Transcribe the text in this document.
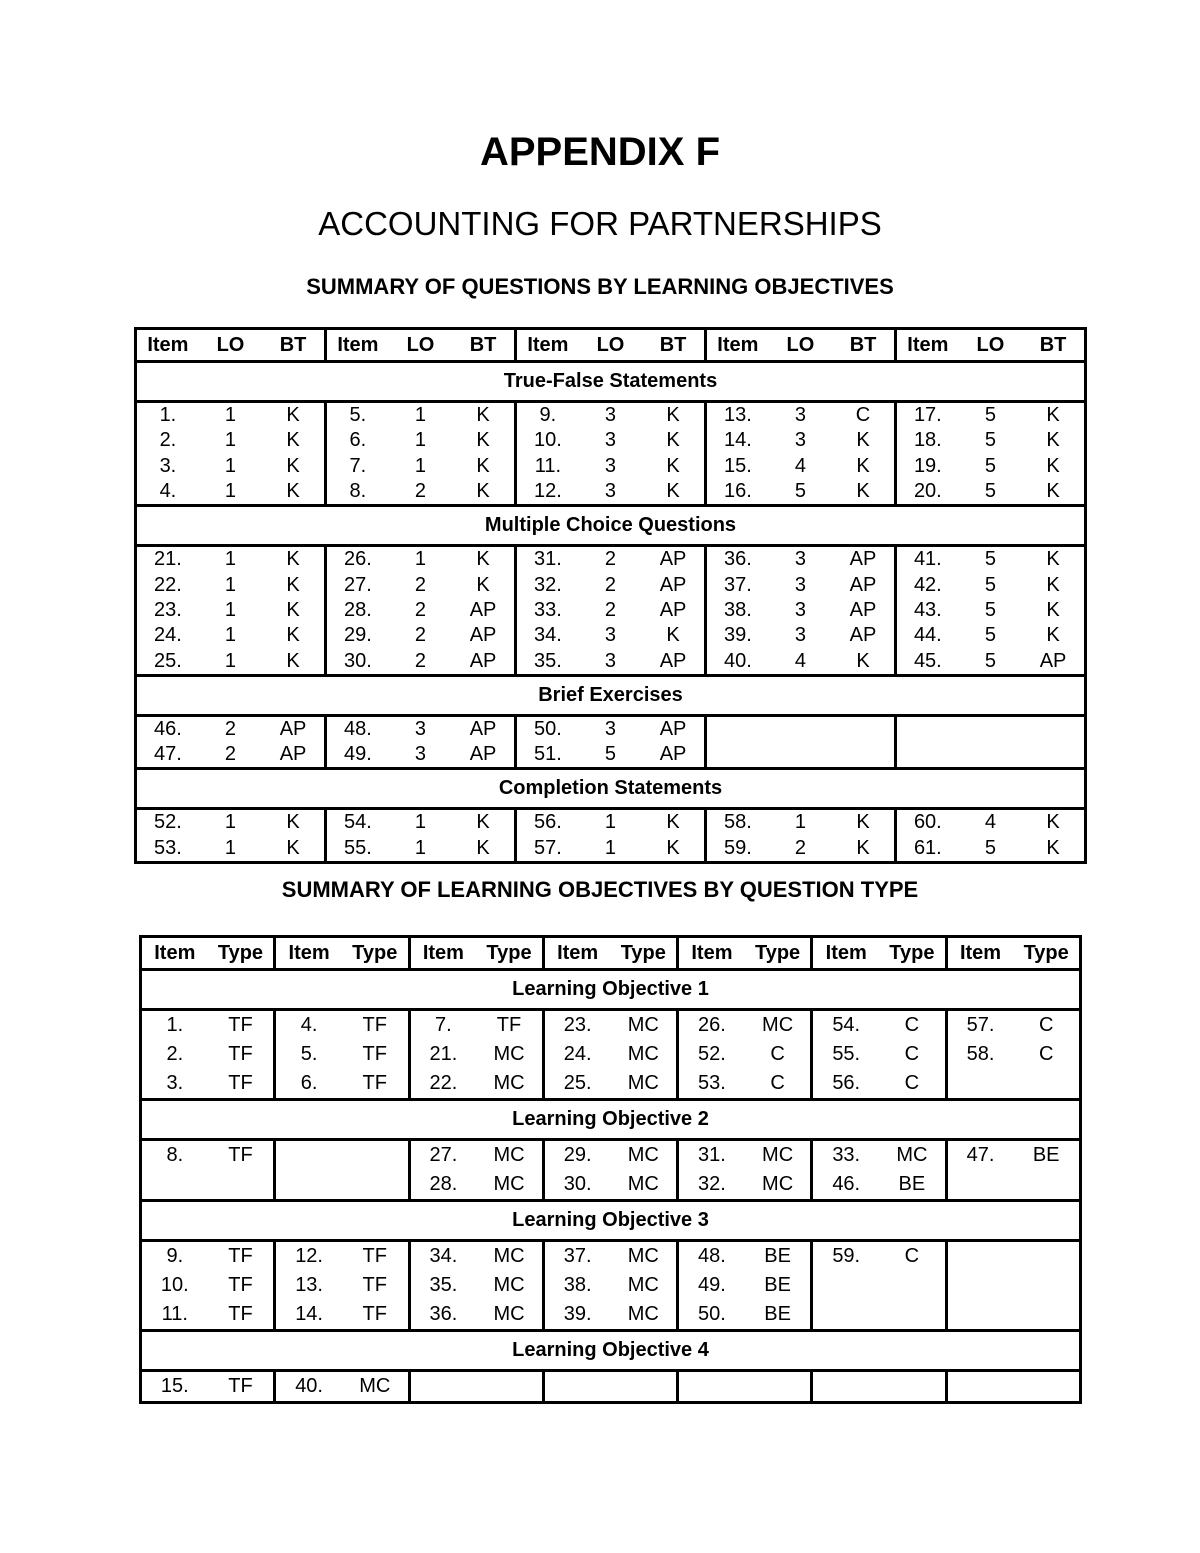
APPENDIX F
ACCOUNTING FOR PARTNERSHIPS
SUMMARY OF QUESTIONS BY LEARNING OBJECTIVES
Item	LO	BT	Item	LO	BT	Item	LO	BT	Item	LO	BT	Item	LO	BT
True-False Statements														
1.	1	K	5.	1	K	9.	3	K	13.	3	C	17.	5	K
2.	1	K	6.	1	K	10.	3	K	14.	3	K	18.	5	K
3.	1	K	7.	1	K	11.	3	K	15.	4	K	19.	5	K
4.	1	K	8.	2	K	12.	3	K	16.	5	K	20.	5	K
Multiple Choice Questions														
21.	1	K	26.	1	K	31.	2	AP	36.	3	AP	41.	5	K
22.	1	K	27.	2	K	32.	2	AP	37.	3	AP	42.	5	K
23.	1	K	28.	2	AP	33.	2	AP	38.	3	AP	43.	5	K
24.	1	K	29.	2	AP	34.	3	K	39.	3	AP	44.	5	K
25.	1	K	30.	2	AP	35.	3	AP	40.	4	K	45.	5	AP
Brief Exercises														
46.	2	AP	48.	3	AP	50.	3	AP						
47.	2	AP	49.	3	AP	51.	5	AP						
Completion Statements														
52.	1	K	54.	1	K	56.	1	K	58.	1	K	60.	4	K
53.	1	K	55.	1	K	57.	1	K	59.	2	K	61.	5	K
SUMMARY OF LEARNING OBJECTIVES BY QUESTION TYPE
Item	Type	Item	Type	Item	Type	Item	Type	Item	Type	Item	Type	Item	Type
Learning Objective 1													
1.	TF	4.	TF	7.	TF	23.	MC	26.	MC	54.	C	57.	C
2.	TF	5.	TF	21.	MC	24.	MC	52.	C	55.	C	58.	C
3.	TF	6.	TF	22.	MC	25.	MC	53.	C	56.	C		
Learning Objective 2													
8.	TF			27.	MC	29.	MC	31.	MC	33.	MC	47.	BE
				28.	MC	30.	MC	32.	MC	46.	BE		
Learning Objective 3													
9.	TF	12.	TF	34.	MC	37.	MC	48.	BE	59.	C		
10.	TF	13.	TF	35.	MC	38.	MC	49.	BE				
11.	TF	14.	TF	36.	MC	39.	MC	50.	BE				
Learning Objective 4													
15.	TF	40.	MC										
